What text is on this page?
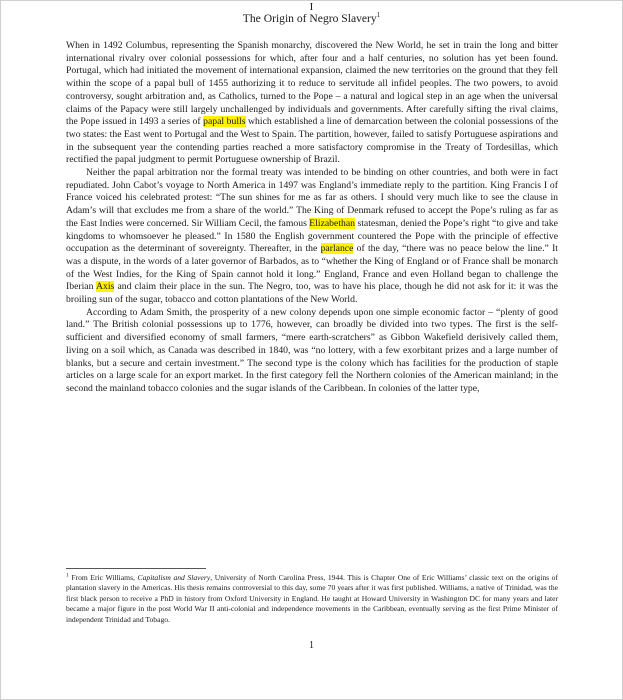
I
The Origin of Negro Slavery$^1$

When in 1492 Columbus, representing the Spanish monarchy, discovered the New World, he set in train the long and bitter international rivalry over colonial possessions for which, after four and a half centuries, no solution has yet been found. Portugal, which had initiated the movement of international expansion, claimed the new territories on the ground that they fell within the scope of a papal bull of 1455 authorizing it to reduce to servitude all infidel peoples. The two powers, to avoid controversy, sought arbitration and, as Catholics, turned to the Pope – a natural and logical step in an age when the universal claims of the Papacy were still largely unchallenged by individuals and governments. After carefully sifting the rival claims, the Pope issued in 1493 a series of papal bulls which established a line of demarcation between the colonial possessions of the two states: the East went to Portugal and the West to Spain. The partition, however, failed to satisfy Portuguese aspirations and in the subsequent year the contending parties reached a more satisfactory compromise in the Treaty of Tordesillas, which rectified the papal judgment to permit Portuguese ownership of Brazil.

Neither the papal arbitration nor the formal treaty was intended to be binding on other countries, and both were in fact repudiated. John Cabot’s voyage to North America in 1497 was England’s immediate reply to the partition. King Francis I of France voiced his celebrated protest: “The sun shines for me as far as others. I should very much like to see the clause in Adam’s will that excludes me from a share of the world.” The King of Denmark refused to accept the Pope’s ruling as far as the East Indies were concerned. Sir William Cecil, the famous Elizabethan statesman, denied the Pope’s right “to give and take kingdoms to whomsoever he pleased.” In 1580 the English government countered the Pope with the principle of effective occupation as the determinant of sovereignty. Thereafter, in the parlance of the day, “there was no peace below the line.” It was a dispute, in the words of a later governor of Barbados, as to “whether the King of England or of France shall be monarch of the West Indies, for the King of Spain cannot hold it long.” England, France and even Holland began to challenge the Iberian Axis and claim their place in the sun. The Negro, too, was to have his place, though he did not ask for it: it was the broiling sun of the sugar, tobacco and cotton plantations of the New World.

According to Adam Smith, the prosperity of a new colony depends upon one simple economic factor – “plenty of good land.” The British colonial possessions up to 1776, however, can broadly be divided into two types. The first is the self-sufficient and diversified economy of small farmers, “mere earth-scratchers” as Gibbon Wakefield derisively called them, living on a soil which, as Canada was described in 1840, was “no lottery, with a few exorbitant prizes and a large number of blanks, but a secure and certain investment.” The second type is the colony which has facilities for the production of staple articles on a large scale for an export market. In the first category fell the Northern colonies of the American mainland; in the second the mainland tobacco colonies and the sugar islands of the Caribbean. In colonies of the latter type,

$^1$ From Eric Williams, Capitalism and Slavery, University of North Carolina Press, 1944. This is Chapter One of Eric Williams’ classic text on the origins of plantation slavery in the Americas. His thesis remains controversial to this day, some 70 years after it was first published. Williams, a native of Trinidad, was the first black person to receive a PhD in history from Oxford University in England. He taught at Howard University in Washington DC for many years and later became a major figure in the post World War II anti-colonial and independence movements in the Caribbean, eventually serving as the first Prime Minister of independent Trinidad and Tobago.
1
